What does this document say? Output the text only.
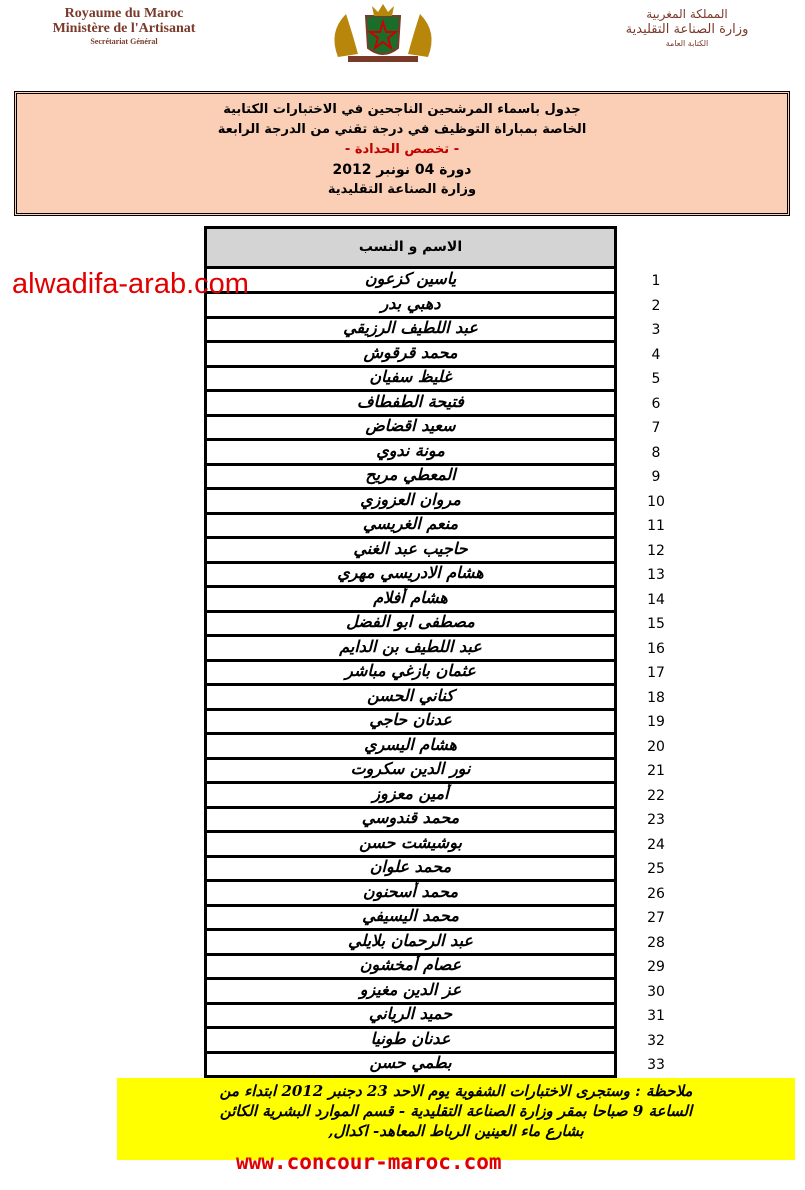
Royaume du Maroc
Ministère de l'Artisanat
Secrétariat Général
المملكة المغربية
وزارة الصناعة التقليدية
الكتابة العامة
جدول باسماء المرشحين الناجحين في الاختبارات الكتابية
الخاصة بمباراة التوظيف في درجة تقني من الدرجة الرابعة
- تخصص الحدادة -
دورة 04 نونبر 2012
وزارة الصناعة التقليدية
الاسم و النسب
ياسين كزعون	1
دهبي بدر	2
عبد اللطيف الرزيقي	3
محمد قرقوش	4
غليظ سفيان	5
فتيحة الطفطاف	6
سعيد اقضاض	7
مونة ندوي	8
المعطي مريح	9
مروان العزوزي	10
منعم الغريسي	11
حاجيب عبد الغني	12
هشام الادريسي مهري	13
هشام أفلام	14
مصطفى ابو الفضل	15
عبد اللطيف بن الدايم	16
عثمان بازغي مباشر	17
كناني الحسن	18
عدنان حاجي	19
هشام اليسري	20
نور الدين سكروت	21
أمين معزوز	22
محمد قندوسي	23
بوشيشت حسن	24
محمد علوان	25
محمد أسحنون	26
محمد اليسيفي	27
عبد الرحمان بلايلي	28
عصام أمخشون	29
عز الدين مغيزو	30
حميد الرياني	31
عدنان طونيا	32
بطمي حسن	33
alwadifa-arab.com
ملاحظة : وستجرى الاختبارات الشفوية يوم الاحد 23 دجنبر 2012 ابتداء من
الساعة 9 صباحا بمقر وزارة الصناعة التقليدية - قسم الموارد البشرية الكائن
بشارع ماء العينين الرباط المعاهد- اكدال,
www.concour-maroc.com
